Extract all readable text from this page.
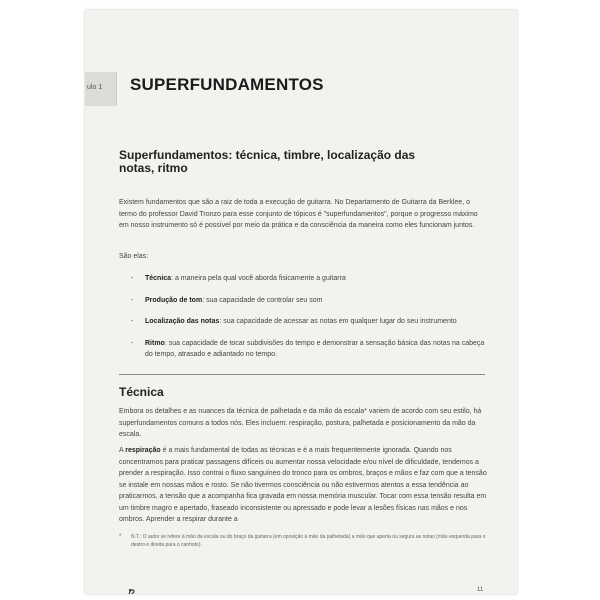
ulo 1 SUPERFUNDAMENTOS
Superfundamentos: técnica, timbre, localização das notas, ritmo

Existem fundamentos que são a raiz de toda a execução de guitarra. No Departamento de Guitarra da Berklee, o termo do professor David Tronzo para esse conjunto de tópicos é "superfundamentos", porque o progresso máximo em nosso instrumento só é possível por meio da prática e da consciência da maneira como eles funcionam juntos.

São elas:

- Técnica: a maneira pela qual você aborda fisicamente a guitarra
- Produção de tom: sua capacidade de controlar seu som
- Localização das notas: sua capacidade de acessar as notas em qualquer lugar do seu instrumento
- Ritmo: sua capacidade de tocar subdivisões do tempo e demonstrar a sensação básica das notas na cabeça do tempo, atrasado e adiantado no tempo.
Técnica

Embora os detalhes e as nuances da técnica de palhetada e da mão da escala* variem de acordo com seu estilo, há superfundamentos comuns a todos nós. Eles incluem: respiração, postura, palhetada e posicionamento da mão da escala.

A respiração é a mais fundamental de todas as técnicas e é a mais frequentemente ignorada. Quando nos concentramos para praticar passagens difíceis ou aumentar nossa velocidade e/ou nível de dificuldade, tendemos a prender a respiração. Isso contrai o fluxo sanguíneo do tronco para os ombros, braços e mãos e faz com que a tensão se instale em nossas mãos e rosto. Se não tivermos consciência ou não estivermos atentos a essa tendência ao praticarmos, a tensão que a acompanha fica gravada em nossa memória muscular. Tocar com essa tensão resulta em um timbre magro e apertado, fraseado inconsistente ou apressado e pode levar a lesões físicas nas mãos e nos ombros. Aprender a respirar durante a

* N.T.: O autor se refere à mão da escala ou do braço da guitarra (em oposição à mão da palhetada) a mão que aperta ou segura as notas (mão esquerda para o destro e direita para o canhoto).
11
